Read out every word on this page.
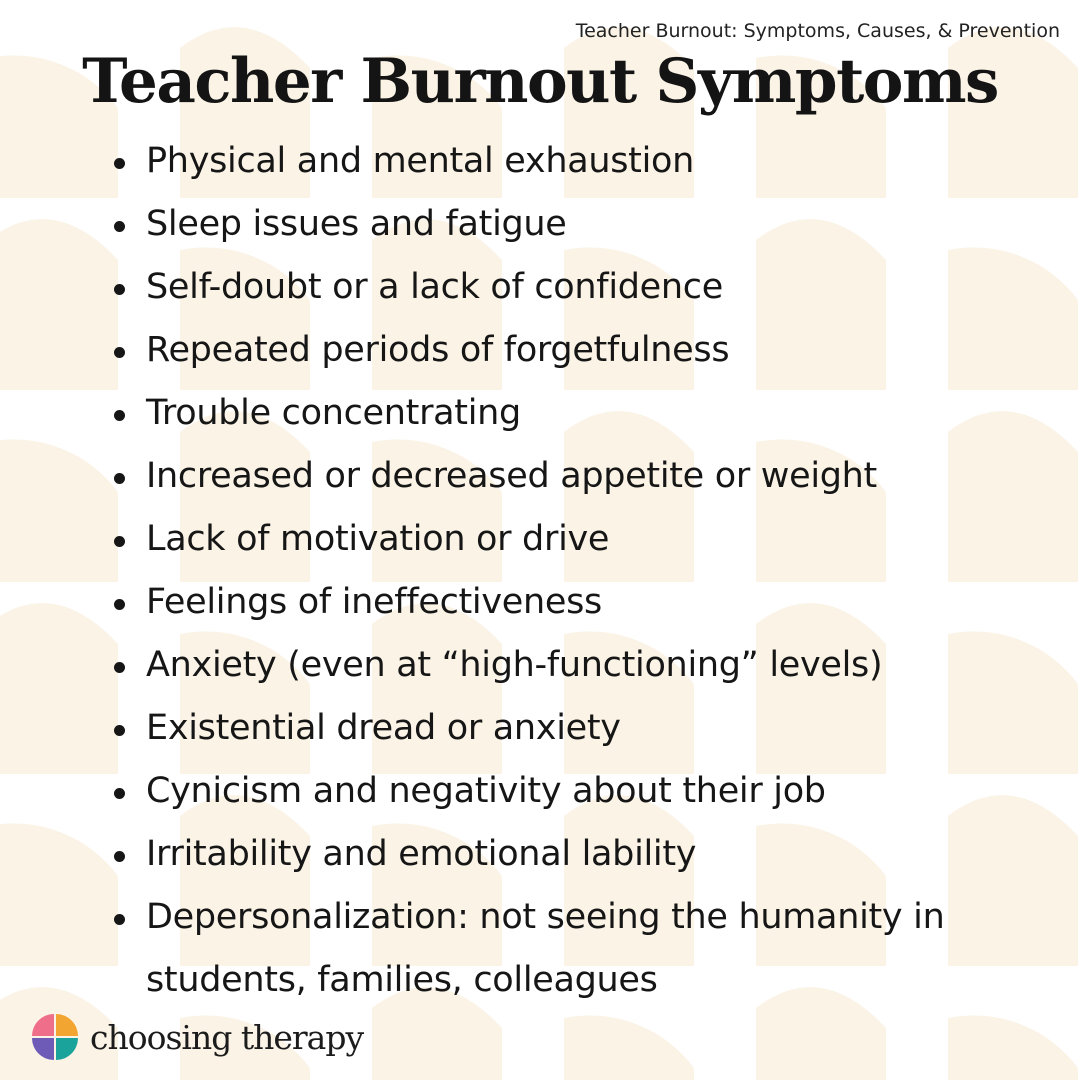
Teacher Burnout: Symptoms, Causes, & Prevention
Teacher Burnout Symptoms
Physical and mental exhaustion
Sleep issues and fatigue
Self-doubt or a lack of confidence
Repeated periods of forgetfulness
Trouble concentrating
Increased or decreased appetite or weight
Lack of motivation or drive
Feelings of ineffectiveness
Anxiety (even at “high-functioning” levels)
Existential dread or anxiety
Cynicism and negativity about their job
Irritability and emotional lability
Depersonalization: not seeing the humanity in students, families, colleagues
choosing therapy
